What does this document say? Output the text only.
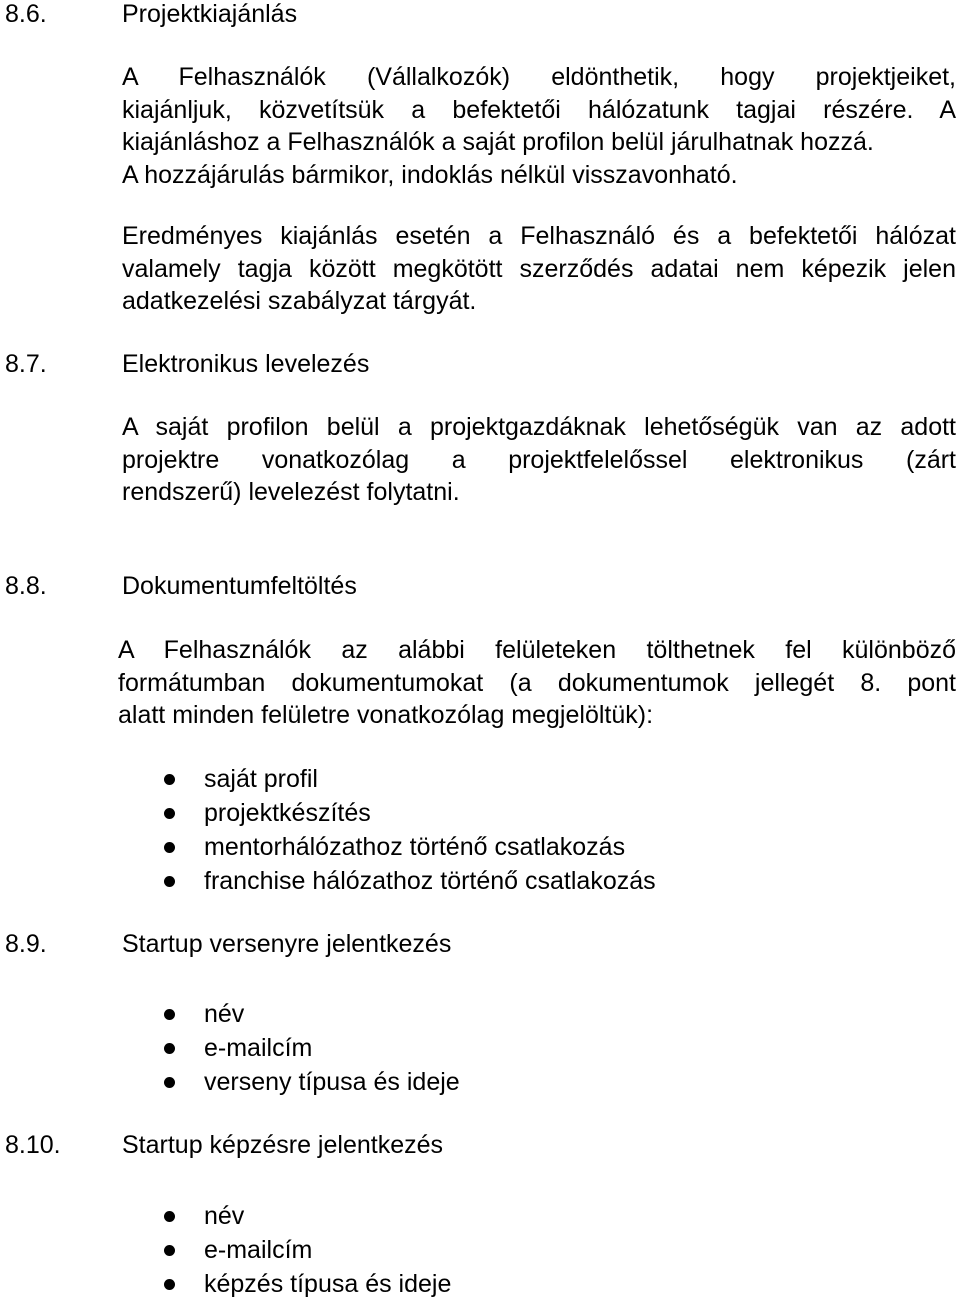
8.6.	Projektkiajánlás
A Felhasználók (Vállalkozók) eldönthetik, hogy projektjeiket,
kiajánljuk, közvetítsük a befektetői hálózatunk tagjai részére. A
kiajánláshoz a Felhasználók a saját profilon belül járulhatnak hozzá.
A hozzájárulás bármikor, indoklás nélkül visszavonható.
Eredményes kiajánlás esetén a Felhasználó és a befektetői hálózat
valamely tagja között megkötött szerződés adatai nem képezik jelen
adatkezelési szabályzat tárgyát.
8.7.	Elektronikus levelezés
A saját profilon belül a projektgazdáknak lehetőségük van az adott
projektre vonatkozólag a projektfelelőssel elektronikus (zárt
rendszerű) levelezést folytatni.
8.8.	Dokumentumfeltöltés
A Felhasználók az alábbi felületeken tölthetnek fel különböző
formátumban dokumentumokat (a dokumentumok jellegét 8. pont
alatt minden felületre vonatkozólag megjelöltük):
saját profil
projektkészítés
mentorhálózathoz történő csatlakozás
franchise hálózathoz történő csatlakozás
8.9.	Startup versenyre jelentkezés
név
e-mailcím
verseny típusa és ideje
8.10. Startup képzésre jelentkezés
név
e-mailcím
képzés típusa és ideje
